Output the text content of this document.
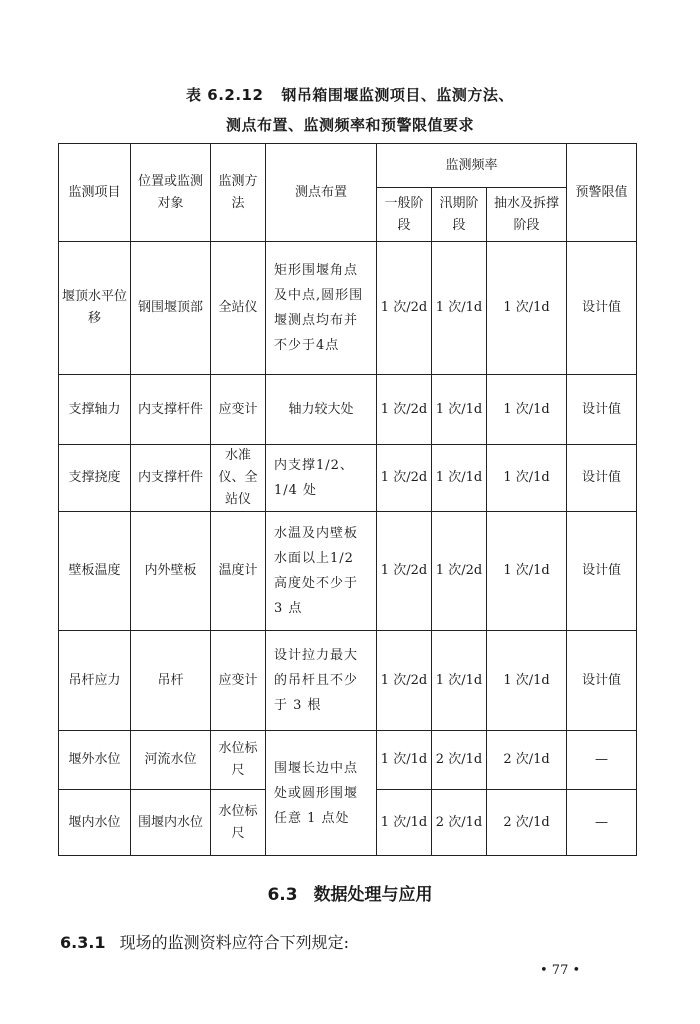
表 6.2.12 钢吊箱围堰监测项目、监测方法、
测点布置、监测频率和预警限值要求
监测项目	位置或监测对象	监测方法	测点布置	监测频率			预警限值
				一般阶段	汛期阶段	抽水及拆撑阶段	
堰顶水平位移	钢围堰顶部	全站仪	矩形围堰角点及中点,圆形围堰测点均布并不少于4点	1 次/2d	1 次/1d	1 次/1d	设计值
支撑轴力	内支撑杆件	应变计	轴力较大处	1 次/2d	1 次/1d	1 次/1d	设计值
支撑挠度	内支撑杆件	水准仪、全站仪	内支撑1/2、1/4 处	1 次/2d	1 次/1d	1 次/1d	设计值
壁板温度	内外壁板	温度计	水温及内壁板水面以上1/2 高度处不少于 3 点	1 次/2d	1 次/2d	1 次/1d	设计值
吊杆应力	吊杆	应变计	设计拉力最大的吊杆且不少于 3 根	1 次/2d	1 次/1d	1 次/1d	设计值
堰外水位	河流水位	水位标尺	围堰长边中点处或圆形围堰任意 1 点处	1 次/1d	2 次/1d	2 次/1d	—
堰内水位	围堰内水位	水位标尺		1 次/1d	2 次/1d	2 次/1d	—
6.3 数据处理与应用
6.3.1 现场的监测资料应符合下列规定:
• 77 •
